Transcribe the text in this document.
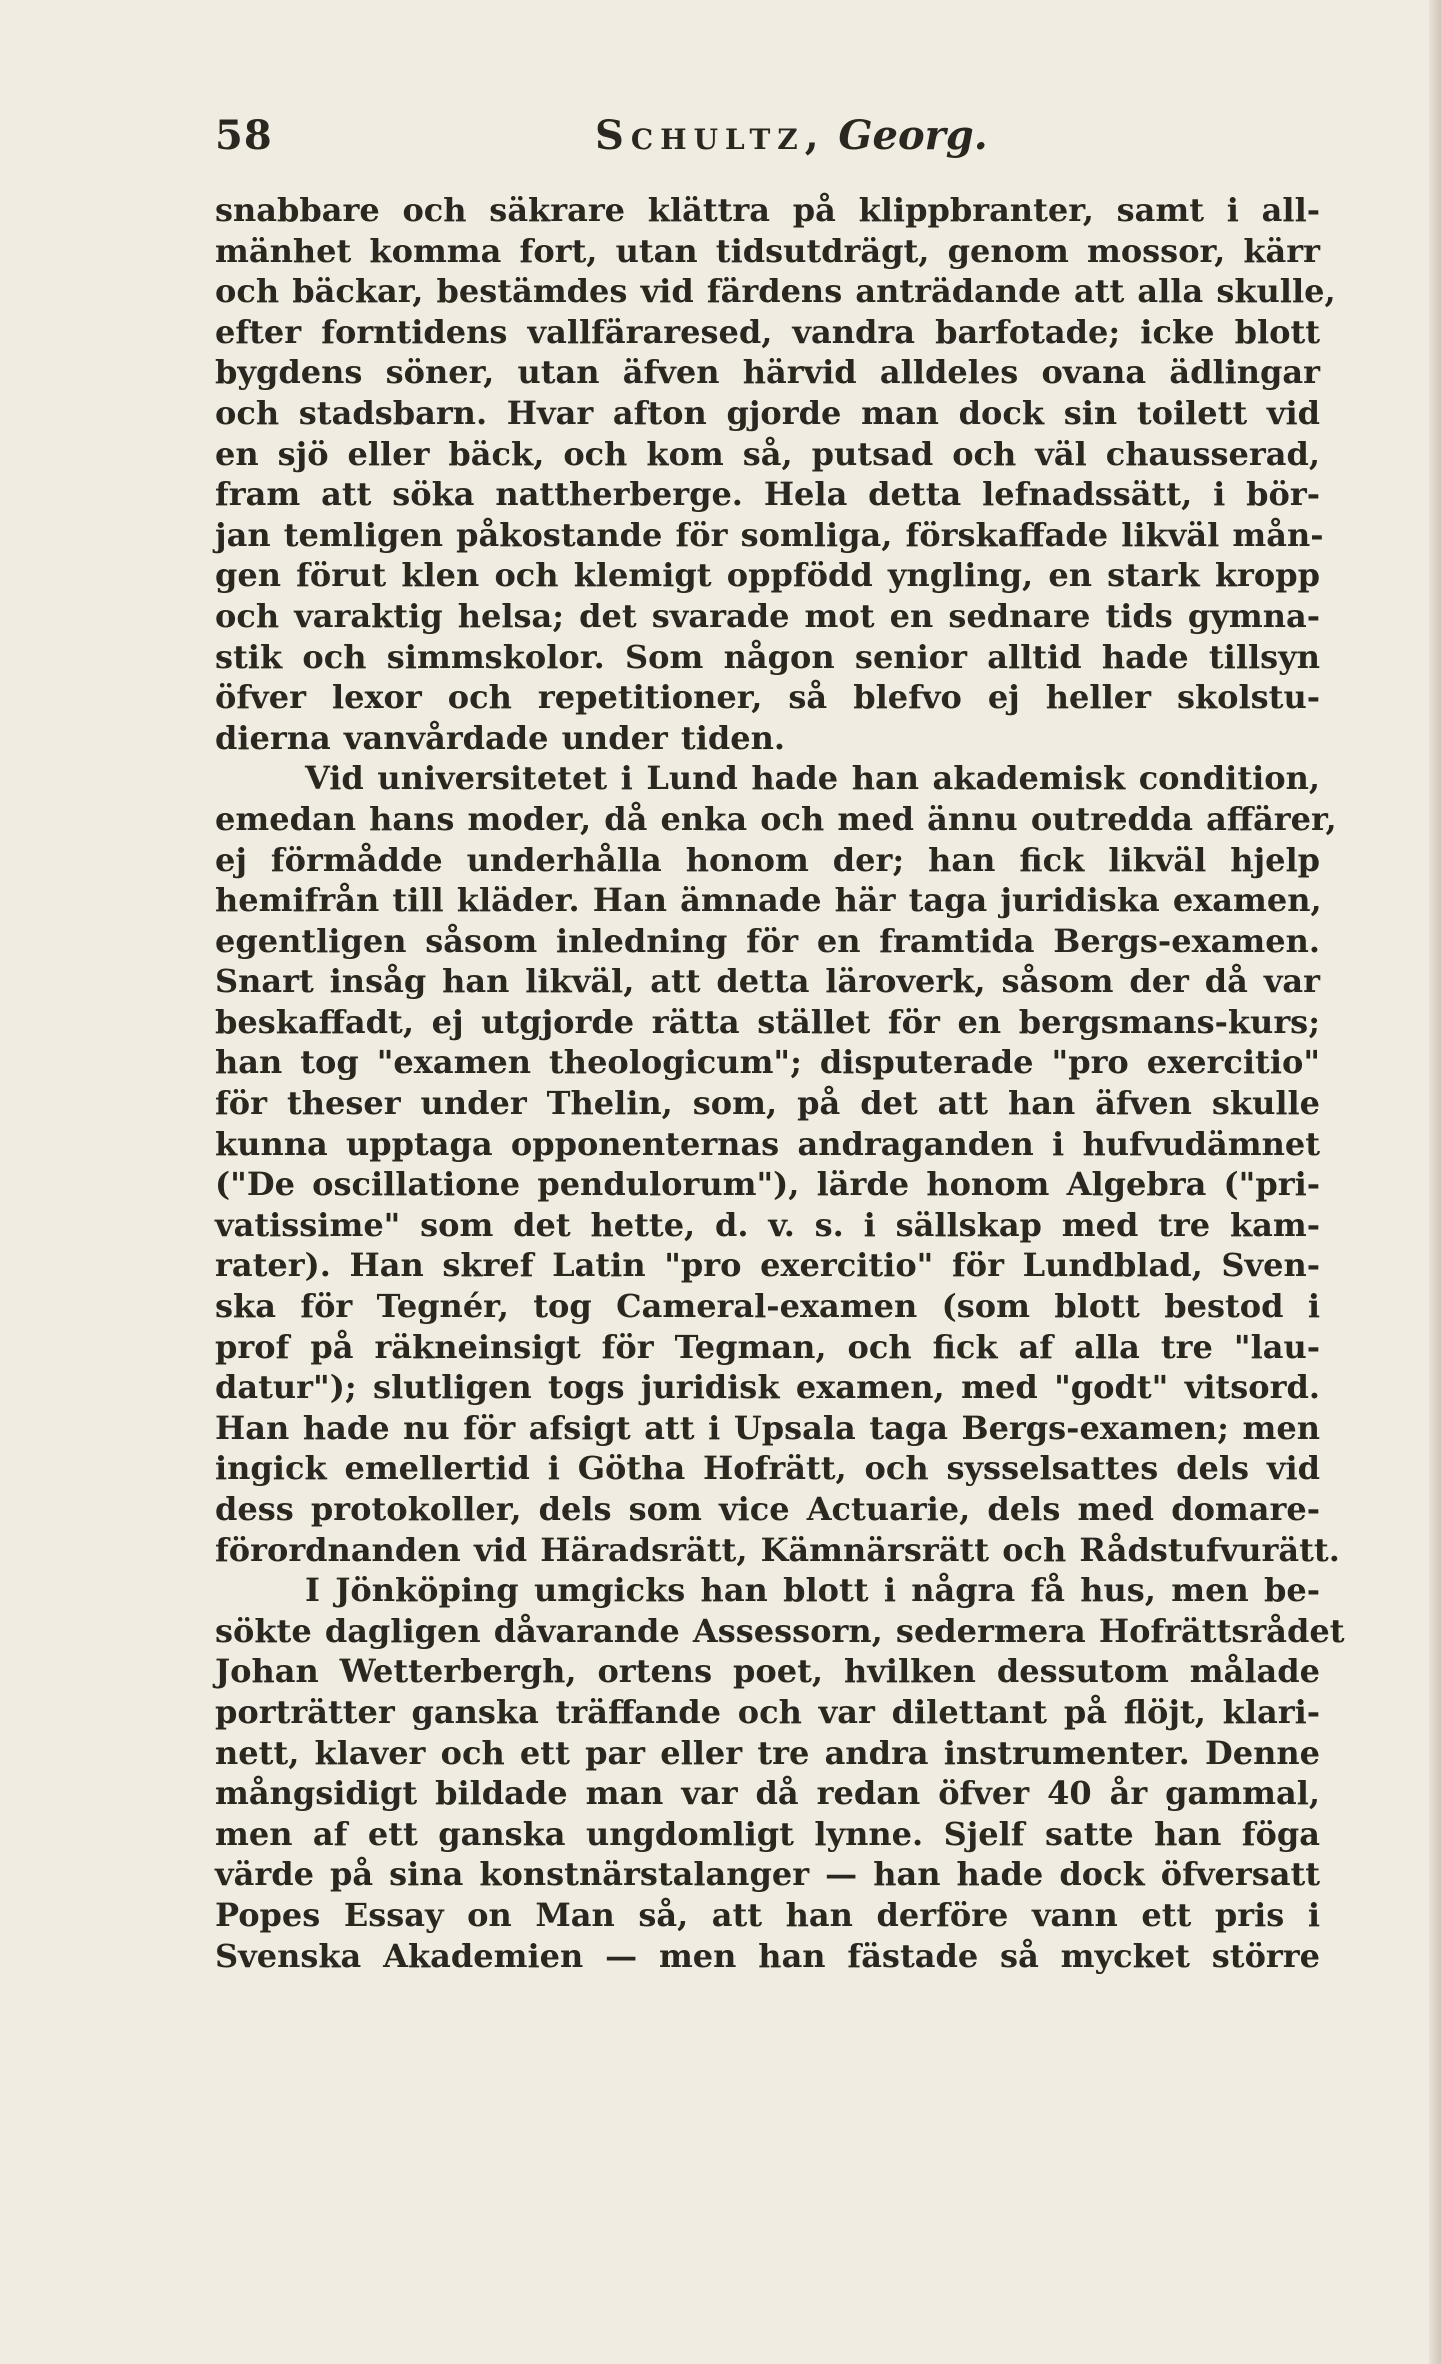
58	Schultz, Georg.
snabbare och säkrare klättra på klippbranter, samt i all-
mänhet komma fort, utan tidsutdrägt, genom mossor, kärr
och bäckar, bestämdes vid färdens anträdande att alla skulle,
efter forntidens vallfäraresed, vandra barfotade; icke blott
bygdens söner, utan äfven härvid alldeles ovana ädlingar
och stadsbarn. Hvar afton gjorde man dock sin toilett vid
en sjö eller bäck, och kom så, putsad och väl chausserad,
fram att söka nattherberge. Hela detta lefnadssätt, i bör-
jan temligen påkostande för somliga, förskaffade likväl mån-
gen förut klen och klemigt oppfödd yngling, en stark kropp
och varaktig helsa; det svarade mot en sednare tids gymna-
stik och simmskolor. Som någon senior alltid hade tillsyn
öfver lexor och repetitioner, så blefvo ej heller skolstu-
dierna vanvårdade under tiden.
Vid universitetet i Lund hade han akademisk condition,
emedan hans moder, då enka och med ännu outredda affärer,
ej förmådde underhålla honom der; han fick likväl hjelp
hemifrån till kläder. Han ämnade här taga juridiska examen,
egentligen såsom inledning för en framtida Bergs-examen.
Snart insåg han likväl, att detta läroverk, såsom der då var
beskaffadt, ej utgjorde rätta stället för en bergsmans-kurs;
han tog "examen theologicum"; disputerade "pro exercitio"
för theser under Thelin, som, på det att han äfven skulle
kunna upptaga opponenternas andraganden i hufvudämnet
("De oscillatione pendulorum"), lärde honom Algebra ("pri-
vatissime" som det hette, d. v. s. i sällskap med tre kam-
rater). Han skref Latin "pro exercitio" för Lundblad, Sven-
ska för Tegnér, tog Cameral-examen (som blott bestod i
prof på räkneinsigt för Tegman, och fick af alla tre "lau-
datur"); slutligen togs juridisk examen, med "godt" vitsord.
Han hade nu för afsigt att i Upsala taga Bergs-examen; men
ingick emellertid i Götha Hofrätt, och sysselsattes dels vid
dess protokoller, dels som vice Actuarie, dels med domare-
förordnanden vid Häradsrätt, Kämnärsrätt och Rådstufvurätt.
I Jönköping umgicks han blott i några få hus, men be-
sökte dagligen dåvarande Assessorn, sedermera Hofrättsrådet
Johan Wetterbergh, ortens poet, hvilken dessutom målade
porträtter ganska träffande och var dilettant på flöjt, klari-
nett, klaver och ett par eller tre andra instrumenter. Denne
mångsidigt bildade man var då redan öfver 40 år gammal,
men af ett ganska ungdomligt lynne. Sjelf satte han föga
värde på sina konstnärstalanger — han hade dock öfversatt
Popes Essay on Man så, att han derföre vann ett pris i
Svenska Akademien — men han fästade så mycket större
